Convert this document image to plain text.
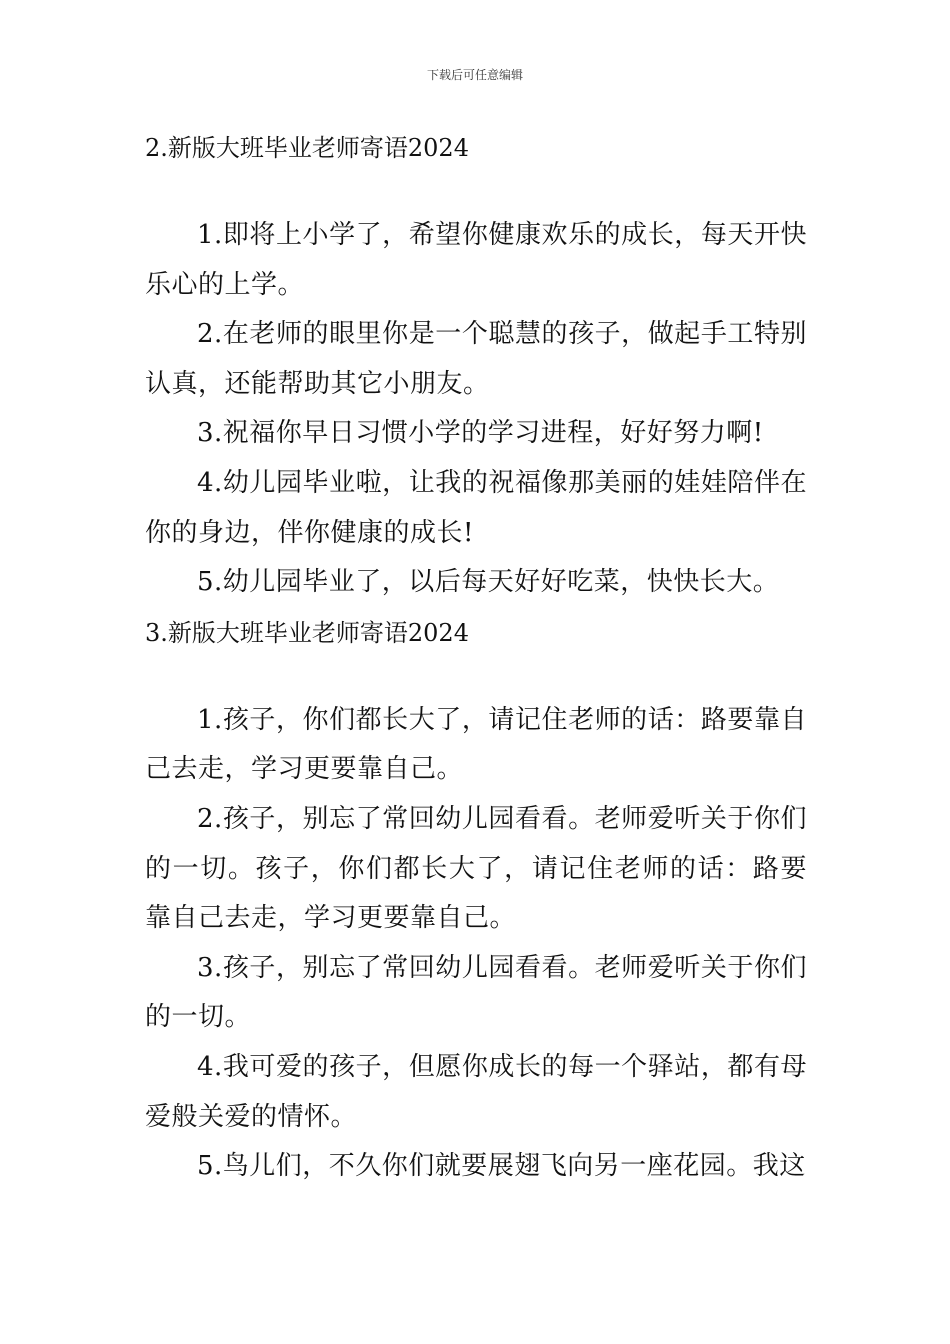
下载后可任意编辑
2.新版大班毕业老师寄语2024

1.即将上小学了，希望你健康欢乐的成长，每天开快乐心的上学。

2.在老师的眼里你是一个聪慧的孩子，做起手工特别认真，还能帮助其它小朋友。

3.祝福你早日习惯小学的学习进程，好好努力啊!

4.幼儿园毕业啦，让我的祝福像那美丽的娃娃陪伴在你的身边，伴你健康的成长!

5.幼儿园毕业了，以后每天好好吃菜，快快长大。

3.新版大班毕业老师寄语2024

1.孩子，你们都长大了，请记住老师的话：路要靠自己去走，学习更要靠自己。

2.孩子，别忘了常回幼儿园看看。老师爱听关于你们的一切。孩子，你们都长大了，请记住老师的话：路要靠自己去走，学习更要靠自己。

3.孩子，别忘了常回幼儿园看看。老师爱听关于你们的一切。

4.我可爱的孩子，但愿你成长的每一个驿站，都有母爱般关爱的情怀。

5.鸟儿们，不久你们就要展翅飞向另一座花园。我这
